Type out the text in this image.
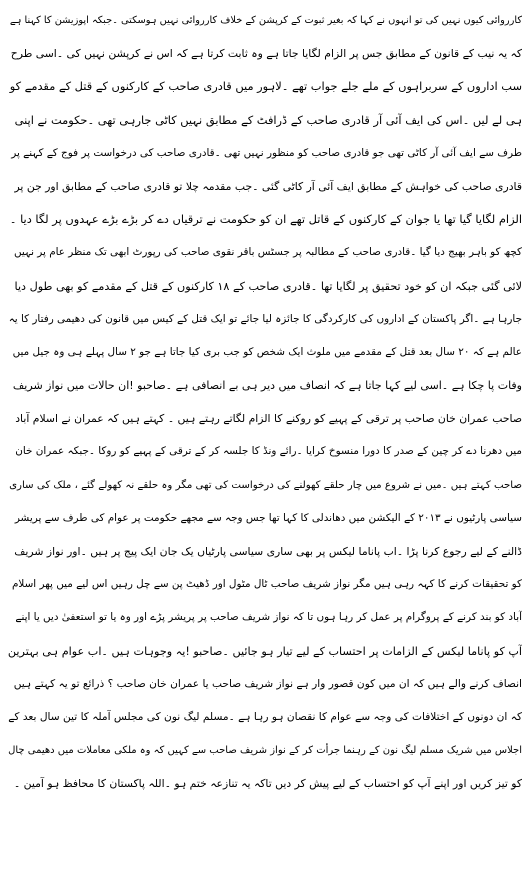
کارروائی کیوں نہیں کی تو انہوں نے کہا کہ بغیر ثبوت کے کرپشن کے خلاف کارروائی نہیں ہوسکتی ۔جبکہ اپوزیشن کا کہنا ہے
کہ یہ نیب کے قانون کے مطابق جس پر الزام لگایا جاتا ہے وہ ثابت کرتا ہے کہ اس نے کرپشن نہیں کی ۔اسی طرح
سب اداروں کے سربراہوں کے ملے جلے جواب تھے ۔لاہور میں قادری صاحب کے کارکنوں کے قتل کے مقدمے کو
ہی لے لیں ۔اس کی ایف آئی آر قادری صاحب کے ڈرافٹ کے مطابق نہیں کاٹی جارہی تھی ۔حکومت نے اپنی
طرف سے ایف آئی آر کاٹی تھی جو قادری صاحب کو منظور نہیں تھی ۔قادری صاحب کی درخواست پر فوج کے کہنے پر
قادری صاحب کی خواہش کے مطابق ایف آئی آر کاٹی گئی ۔جب مقدمہ چلا تو قادری صاحب کے مطابق اور جن پر
الزام لگایا گیا تھا یا جوان کے کارکنوں کے قاتل تھے ان کو حکومت نے ترقیاں دے کر بڑے بڑے عہدوں پر لگا دیا ۔
کچھ کو باہر بھیج دیا گیا ۔قادری صاحب کے مطالبہ پر جسٹس باقر نقوی صاحب کی رپورٹ ابھی تک منظر عام پر نہیں
لائی گئی جبکہ ان کو خود تحقیق پر لگایا تھا ۔قادری صاحب کے ۱۸ کارکنوں کے قتل کے مقدمے کو بھی طول دیا
جارہا ہے ۔اگر پاکستان کے اداروں کی کارکردگی کا جائزہ لیا جائے تو ایک قتل کے کیس میں قانون کی دھیمی رفتار کا یہ
عالم ہے کہ ۲۰ سال بعد قتل کے مقدمے میں ملوث ایک شخص کو جب بری کیا جاتا ہے جو ۲ سال پہلے ہی وہ جیل میں
وفات پا چکا ہے ۔اسی لیے کہا جاتا ہے کہ انصاف میں دیر ہی بے انصافی ہے ۔صاحبو !ان حالات میں نواز شریف
صاحب عمران خان صاحب پر ترقی کے پہیے کو روکنے کا الزام لگاتے رہتے ہیں ۔ کہتے ہیں کہ عمران نے اسلام آباد
میں دھرنا دے کر چین کے صدر کا دورا منسوخ کرایا ۔رائے ونڈ کا جلسہ کر کے ترقی کے پہیے کو روکا ۔جبکہ عمران خان
صاحب کہتے ہیں ۔میں نے شروع میں چار حلقے کھولنے کی درخواست کی تھی مگر وہ حلقے نہ کھولے گئے ، ملک کی ساری
سیاسی پارٹیوں نے ۲۰۱۳ کے الیکشن میں دھاندلی کا کہا تھا جس وجہ سے مجھے حکومت پر عوام کی طرف سے پریشر
ڈالنے کے لیے رجوع کرنا پڑا ۔اب پاناما لیکس پر بھی ساری سیاسی پارٹیاں یک جان ایک پیج پر ہیں ۔اور نواز شریف
کو تحقیقات کرنے کا کہہ رہی ہیں مگر نواز شریف صاحب ٹال مٹول اور ڈھیٹ پن سے چل رہیں اس لیے میں پھر اسلام
آباد کو بند کرنے کے پروگرام پر عمل کر رہا ہوں تا کہ نواز شریف صاحب پر پریشر پڑے اور وہ یا تو استعفیٰ دیں یا اپنے
آپ کو پاناما لیکس کے الزامات پر احتساب کے لیے تیار ہو جائیں ۔صاحبو !یہ وجوہات ہیں ۔اب عوام ہی بہترین
انصاف کرنے والے ہیں کہ ان میں کون قصور وار ہے نواز شریف صاحب یا عمران خان صاحب ؟ ذرائع تو یہ کہتے ہیں
کہ ان دونوں کے اختلافات کی وجہ سے عوام کا نقصان ہو رہا ہے ۔مسلم لیگ نون کی مجلس آملہ کا تین سال بعد کے
اجلاس میں شریک مسلم لیگ نون کے رہنما جرأت کر کے نواز شریف صاحب سے کہیں کہ وہ ملکی معاملات میں دھیمی چال
کو تیز کریں اور اپنے آپ کو احتساب کے لیے پیش کر دیں تاکہ یہ تنازعہ ختم ہو ۔اللہ پاکستان کا محافظ ہو آمین ۔
